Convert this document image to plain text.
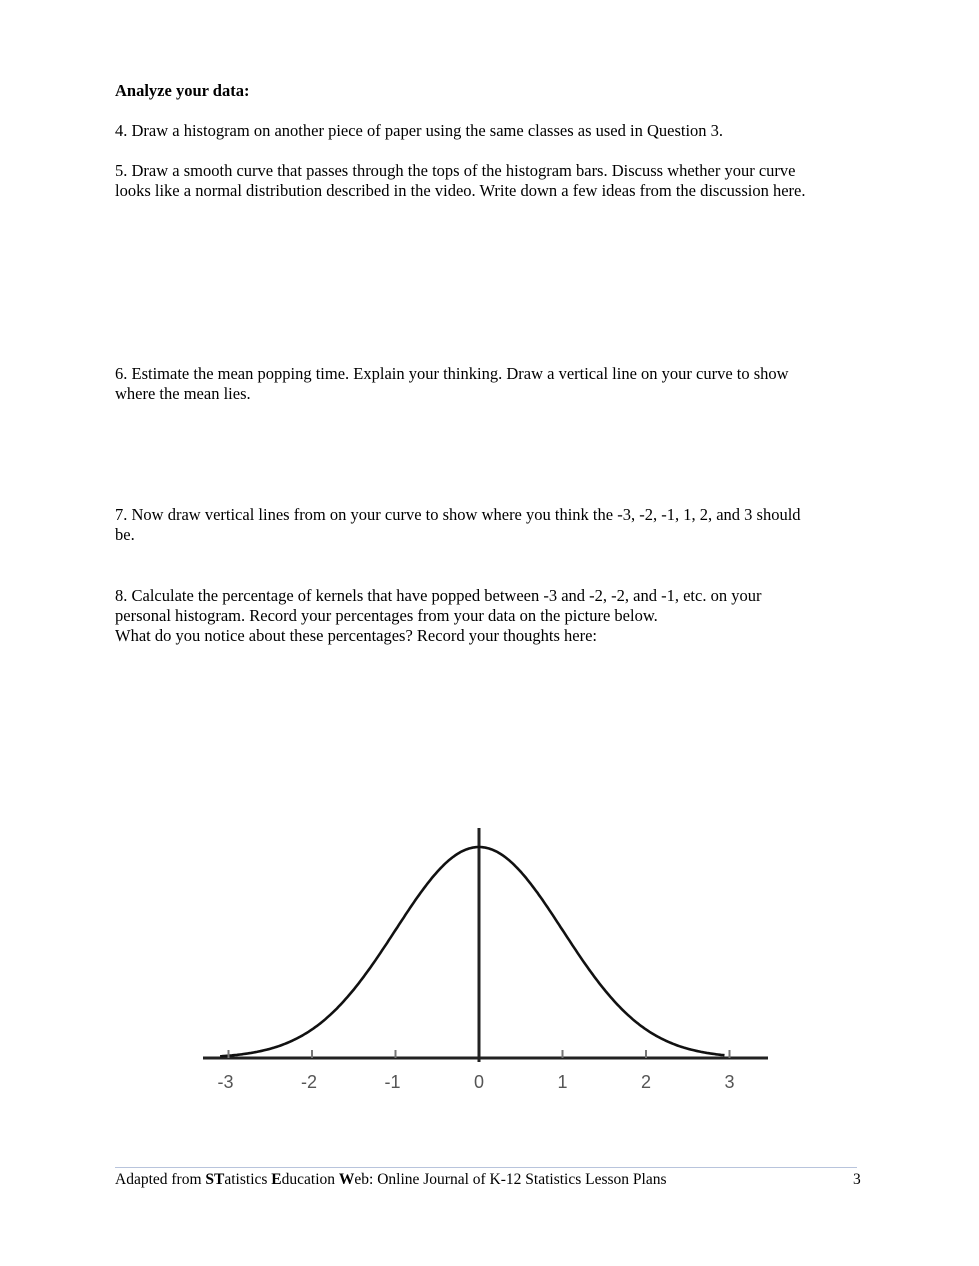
Analyze your data:

4. Draw a histogram on another piece of paper using the same classes as used in Question 3.

5. Draw a smooth curve that passes through the tops of the histogram bars. Discuss whether your curve

looks like a normal distribution described in the video. Write down a few ideas from the discussion here.

6. Estimate the mean popping time. Explain your thinking. Draw a vertical line on your curve to show

where the mean lies.

7. Now draw vertical lines from on your curve to show where you think the -3, -2, -1, 1, 2, and 3 should

be.

8. Calculate the percentage of kernels that have popped between -3 and -2, -2, and -1, etc. on your

personal histogram. Record your percentages from your data on the picture below.

What do you notice about these percentages? Record your thoughts here:

-3	-2	-1	0	1	2	3
Adapted from STatistics Education Web: Online Journal of K-12 Statistics Lesson Plans	3
